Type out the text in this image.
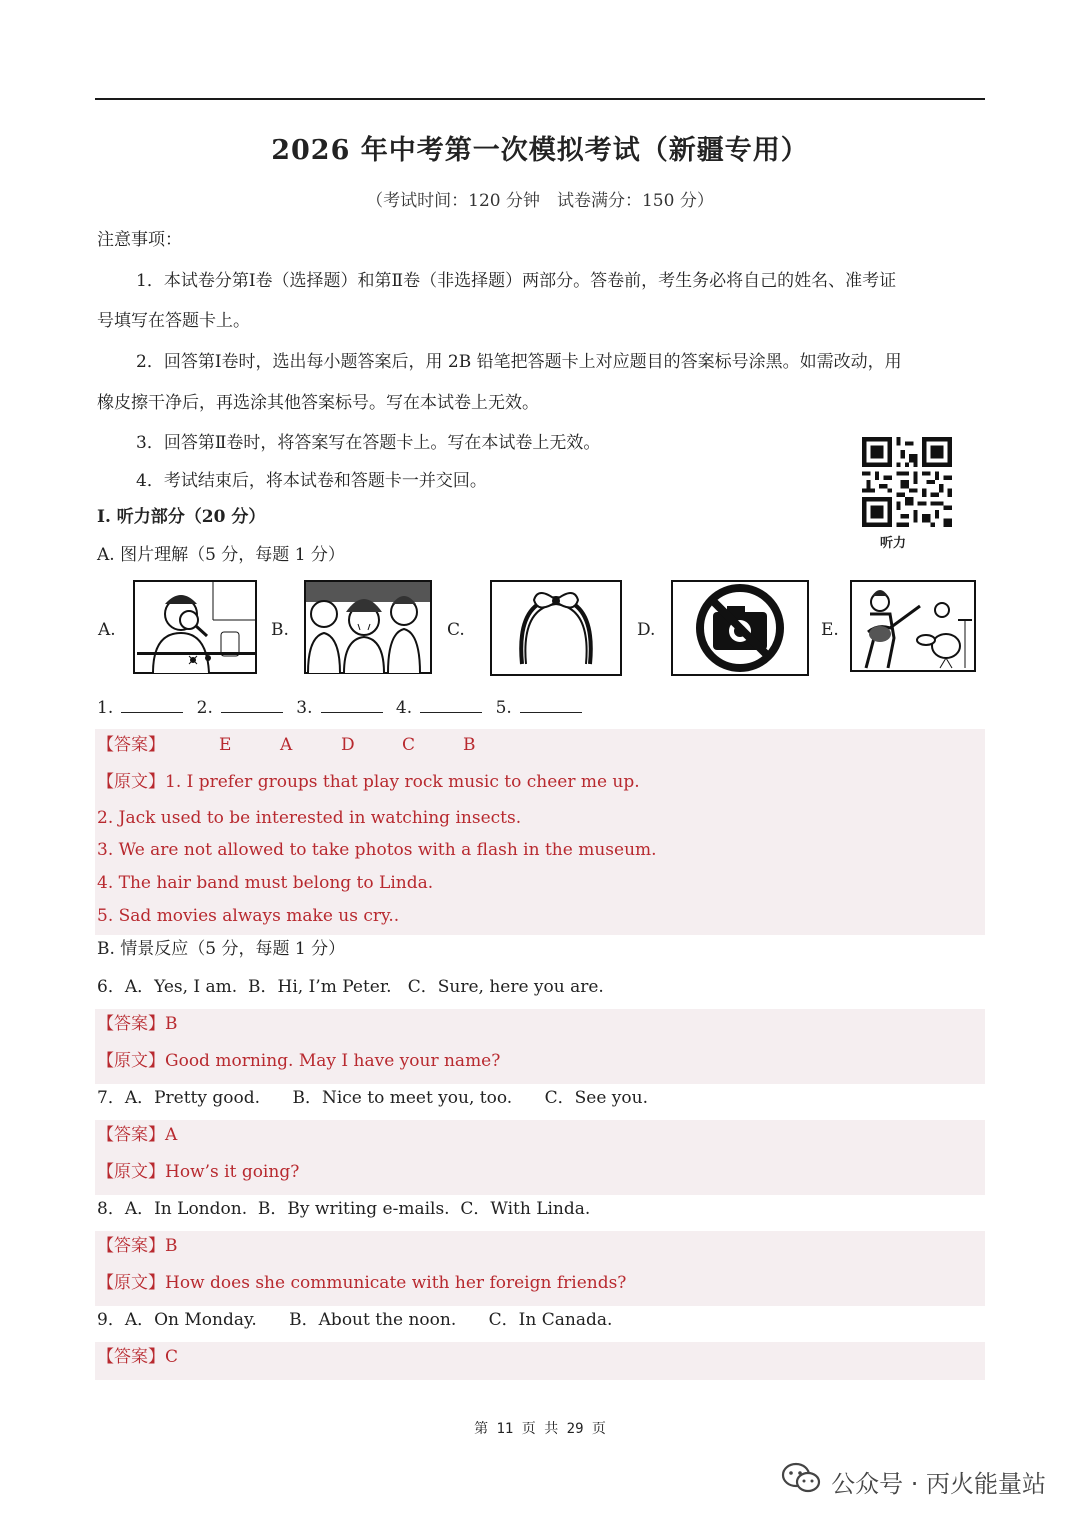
2026 年中考第一次模拟考试（新疆专用）
（考试时间：120 分钟　试卷满分：150 分）
注意事项：
1．本试卷分第Ⅰ卷（选择题）和第Ⅱ卷（非选择题）两部分。答卷前，考生务必将自己的姓名、准考证
号填写在答题卡上。
2．回答第Ⅰ卷时，选出每小题答案后，用 2B 铅笔把答题卡上对应题目的答案标号涂黑。如需改动，用
橡皮擦干净后，再选涂其他答案标号。写在本试卷上无效。
3．回答第Ⅱ卷时，将答案写在答题卡上。写在本试卷上无效。
4．考试结束后，将本试卷和答题卡一并交回。
听力
I. 听力部分（20 分）
A. 图片理解（5 分，每题 1 分）
A.	B.	C.	D.	E.
1.	2.	3.	4.	5.
【答案】	E	A	D	C	B
【原文】1. I prefer groups that play rock music to cheer me up.
2. Jack used to be interested in watching insects.
3. We are not allowed to take photos with a flash in the museum.
4. The hair band must belong to Linda.
5. Sad movies always make us cry..
B. 情景反应（5 分，每题 1 分）
6．A．Yes, I am.  B．Hi, I’m Peter.   C．Sure, here you are.
【答案】B
【原文】Good morning. May I have your name?
7．A．Pretty good.      B．Nice to meet you, too.      C．See you.
【答案】A
【原文】How’s it going?
8．A．In London.  B．By writing e-mails.  C．With Linda.
【答案】B
【原文】How does she communicate with her foreign friends?
9．A．On Monday.      B．About the noon.      C．In Canada.
【答案】C
第 11 页 共 29 页
公众号 · 丙火能量站
